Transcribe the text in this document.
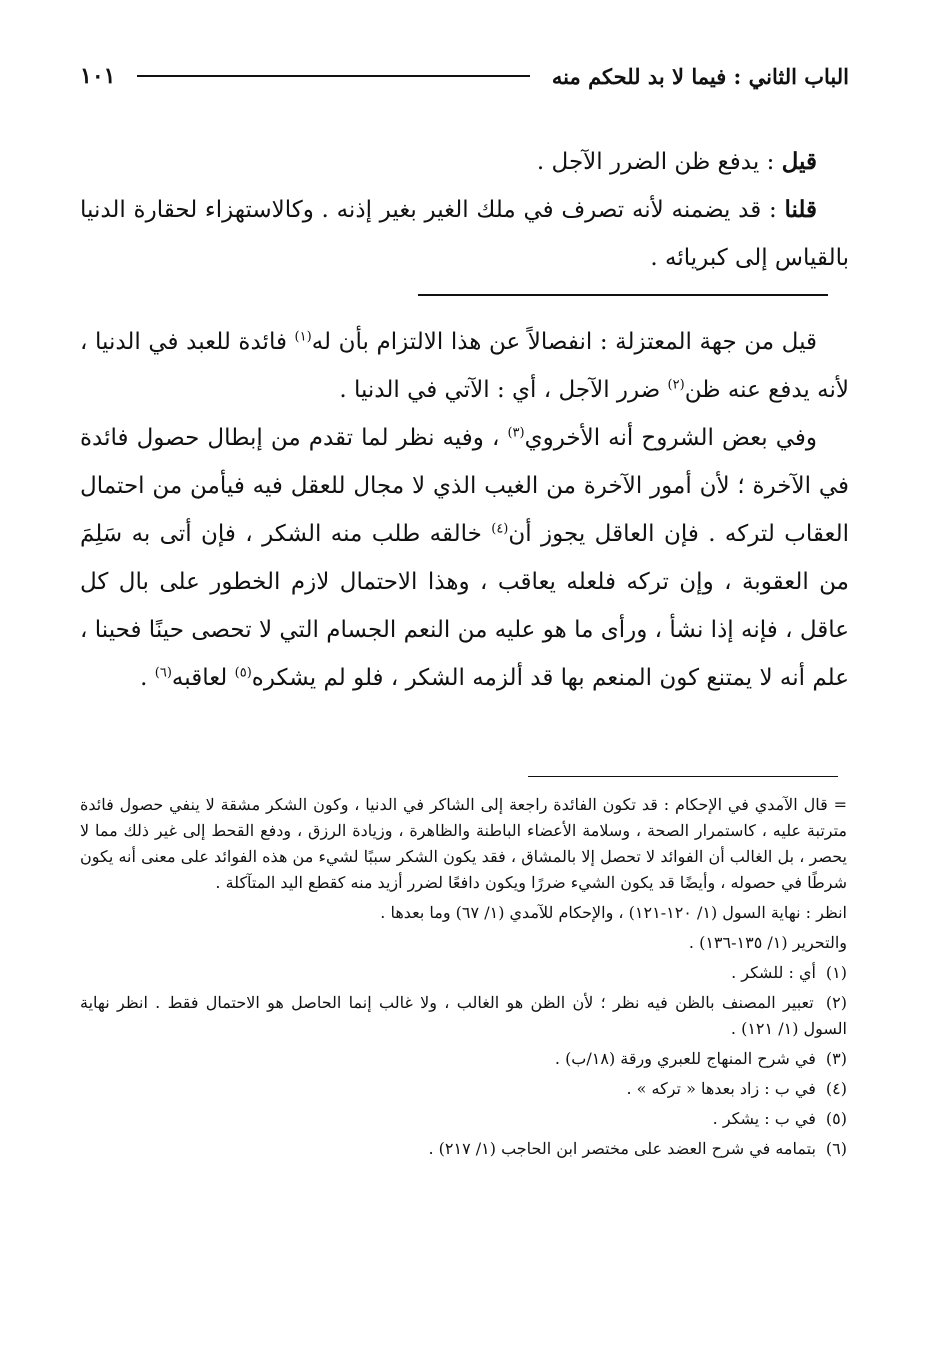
الباب الثاني : فيما لا بد للحكم منه
١٠١

قيل : يدفع ظن الضرر الآجل .

قلنا : قد يضمنه لأنه تصرف في ملك الغير بغير إذنه . وكالاستهزاء لحقارة الدنيا بالقياس إلى كبريائه .

قيل من جهة المعتزلة : انفصالاً عن هذا الالتزام بأن له$^{(١)}$ فائدة للعبد في الدنيا ، لأنه يدفع عنه ظن$^{(٢)}$ ضرر الآجل ، أي : الآتي في الدنيا .

وفي بعض الشروح أنه الأخروي$^{(٣)}$ ، وفيه نظر لما تقدم من إبطال حصول فائدة في الآخرة ؛ لأن أمور الآخرة من الغيب الذي لا مجال للعقل فيه فيأمن من احتمال العقاب لتركه . فإن العاقل يجوز أن$^{(٤)}$ خالقه طلب منه الشكر ، فإن أتى به سَلِمَ من العقوبة ، وإن تركه فلعله يعاقب ، وهذا الاحتمال لازم الخطور على بال كل عاقل ، فإنه إذا نشأ ، ورأى ما هو عليه من النعم الجسام التي لا تحصى حينًا فحينا ، علم أنه لا يمتنع كون المنعم بها قد ألزمه الشكر ، فلو لم يشكره$^{(٥)}$ لعاقبه$^{(٦)}$ .

= قال الآمدي في الإحكام : قد تكون الفائدة راجعة إلى الشاكر في الدنيا ، وكون الشكر مشقة لا ينفي حصول فائدة مترتبة عليه ، كاستمرار الصحة ، وسلامة الأعضاء الباطنة والظاهرة ، وزيادة الرزق ، ودفع القحط إلى غير ذلك مما لا يحصر ، بل الغالب أن الفوائد لا تحصل إلا بالمشاق ، فقد يكون الشكر سببًا لشيء من هذه الفوائد على معنى أنه يكون شرطًا في حصوله ، وأيضًا قد يكون الشيء ضررًا ويكون دافعًا لضرر أزيد منه كقطع اليد المتآكلة .

انظر : نهاية السول (١/ ١٢٠-١٢١) ، والإحكام للآمدي (١/ ٦٧) وما بعدها .

والتحرير (١/ ١٣٥-١٣٦) .

(١) أي : للشكر .

(٢) تعبير المصنف بالظن فيه نظر ؛ لأن الظن هو الغالب ، ولا غالب إنما الحاصل هو الاحتمال فقط . انظر نهاية السول (١/ ١٢١) .

(٣) في شرح المنهاج للعبري ورقة (١٨/ب) .

(٤) في ب : زاد بعدها « تركه » .

(٥) في ب : يشكر .

(٦) بتمامه في شرح العضد على مختصر ابن الحاجب (١/ ٢١٧) .
